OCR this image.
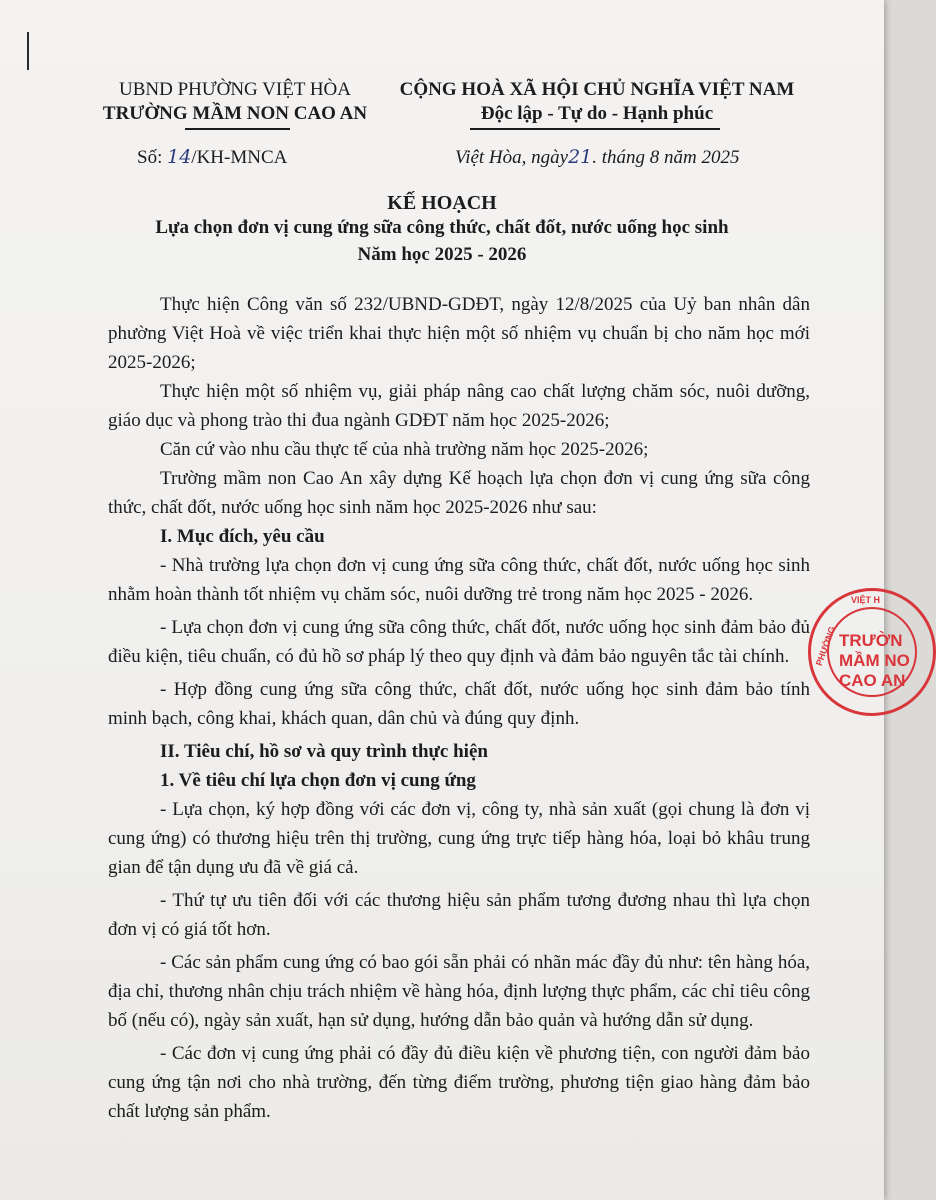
UBND PHƯỜNG VIỆT HÒA
TRƯỜNG MẦM NON CAO AN
CỘNG HOÀ XÃ HỘI CHỦ NGHĨA VIỆT NAM
Độc lập - Tự do - Hạnh phúc
Số: 14/KH-MNCA	Việt Hòa, ngày21. tháng 8 năm 2025
KẾ HOẠCH
Lựa chọn đơn vị cung ứng sữa công thức, chất đốt, nước uống học sinh
Năm học 2025 - 2026

Thực hiện Công văn số 232/UBND-GDĐT, ngày 12/8/2025 của Uỷ ban nhân dân phường Việt Hoà về việc triển khai thực hiện một số nhiệm vụ chuẩn bị cho năm học mới 2025-2026;

Thực hiện một số nhiệm vụ, giải pháp nâng cao chất lượng chăm sóc, nuôi dưỡng, giáo dục và phong trào thi đua ngành GDĐT năm học 2025-2026;

Căn cứ vào nhu cầu thực tế của nhà trường năm học 2025-2026;

Trường mầm non Cao An xây dựng Kế hoạch lựa chọn đơn vị cung ứng sữa công thức, chất đốt, nước uống học sinh năm học 2025-2026 như sau:

I. Mục đích, yêu cầu

- Nhà trường lựa chọn đơn vị cung ứng sữa công thức, chất đốt, nước uống học sinh nhằm hoàn thành tốt nhiệm vụ chăm sóc, nuôi dưỡng trẻ trong năm học 2025 - 2026.

- Lựa chọn đơn vị cung ứng sữa công thức, chất đốt, nước uống học sinh đảm bảo đủ điều kiện, tiêu chuẩn, có đủ hồ sơ pháp lý theo quy định và đảm bảo nguyên tắc tài chính.

- Hợp đồng cung ứng sữa công thức, chất đốt, nước uống học sinh đảm bảo tính minh bạch, công khai, khách quan, dân chủ và đúng quy định.

II. Tiêu chí, hồ sơ và quy trình thực hiện

1. Về tiêu chí lựa chọn đơn vị cung ứng

- Lựa chọn, ký hợp đồng với các đơn vị, công ty, nhà sản xuất (gọi chung là đơn vị cung ứng) có thương hiệu trên thị trường, cung ứng trực tiếp hàng hóa, loại bỏ khâu trung gian để tận dụng ưu đã về giá cả.

- Thứ tự ưu tiên đối với các thương hiệu sản phẩm tương đương nhau thì lựa chọn đơn vị có giá tốt hơn.

- Các sản phẩm cung ứng có bao gói sẵn phải có nhãn mác đầy đủ như: tên hàng hóa, địa chỉ, thương nhân chịu trách nhiệm về hàng hóa, định lượng thực phẩm, các chỉ tiêu công bố (nếu có), ngày sản xuất, hạn sử dụng, hướng dẫn bảo quản và hướng dẫn sử dụng.

- Các đơn vị cung ứng phải có đầy đủ điều kiện về phương tiện, con người đảm bảo cung ứng tận nơi cho nhà trường, đến từng điểm trường, phương tiện giao hàng đảm bảo chất lượng sản phẩm.

VIỆT H
PHƯỜNG TRƯỜN
MẦM NO
CAO AN
